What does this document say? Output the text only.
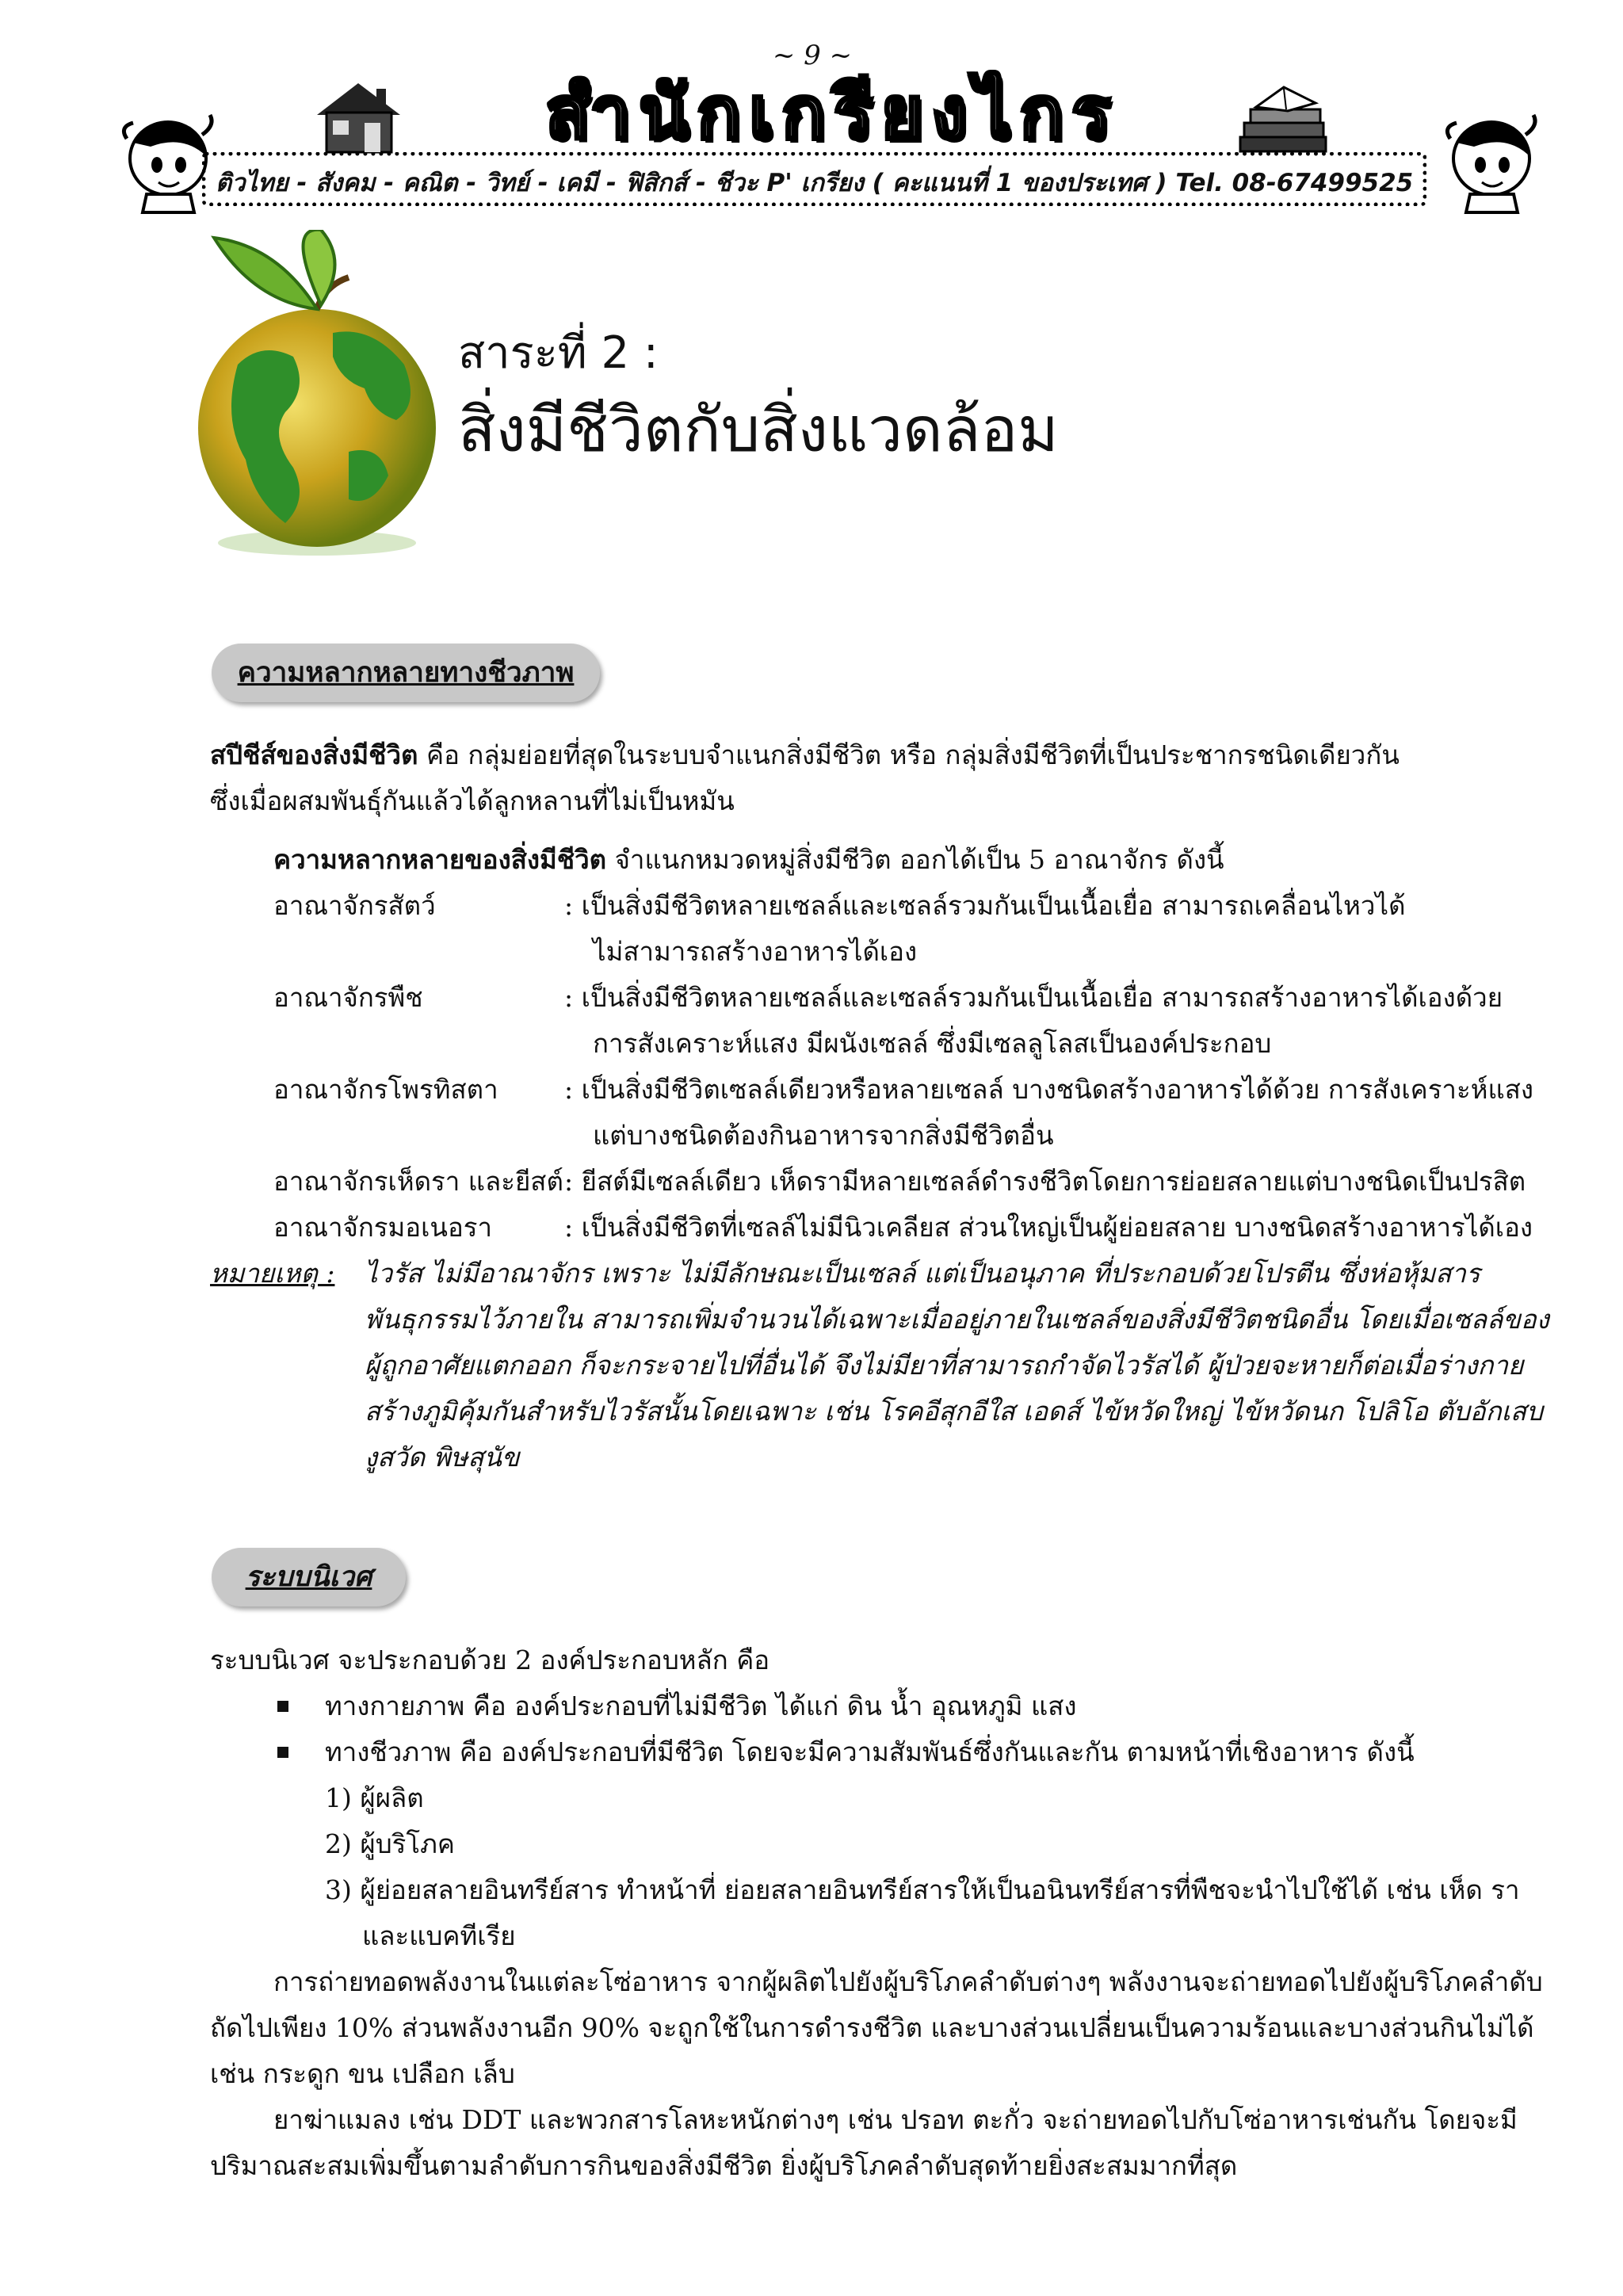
~ 9 ~
สำนักเกรียงไกร
ติวไทย - สังคม - คณิต - วิทย์ - เคมี - ฟิสิกส์ - ชีวะ P' เกรียง ( คะแนนที่ 1 ของประเทศ ) Tel. 08-67499525
สาระที่ 2 :
สิ่งมีชีวิตกับสิ่งแวดล้อม
ความหลากหลายทางชีวภาพ
สปีชีส์ของสิ่งมีชีวิต คือ กลุ่มย่อยที่สุดในระบบจำแนกสิ่งมีชีวิต หรือ กลุ่มสิ่งมีชีวิตที่เป็นประชากรชนิดเดียวกัน
ซึ่งเมื่อผสมพันธุ์กันแล้วได้ลูกหลานที่ไม่เป็นหมัน
ความหลากหลายของสิ่งมีชีวิต จำแนกหมวดหมู่สิ่งมีชีวิต ออกได้เป็น 5 อาณาจักร ดังนี้
อาณาจักรสัตว์	: เป็นสิ่งมีชีวิตหลายเซลล์และเซลล์รวมกันเป็นเนื้อเยื่อ สามารถเคลื่อนไหวได้
ไม่สามารถสร้างอาหารได้เอง
อาณาจักรพืช	: เป็นสิ่งมีชีวิตหลายเซลล์และเซลล์รวมกันเป็นเนื้อเยื่อ สามารถสร้างอาหารได้เองด้วย
การสังเคราะห์แสง มีผนังเซลล์ ซึ่งมีเซลลูโลสเป็นองค์ประกอบ
อาณาจักรโพรทิสตา	: เป็นสิ่งมีชีวิตเซลล์เดียวหรือหลายเซลล์ บางชนิดสร้างอาหารได้ด้วย การสังเคราะห์แสง
แต่บางชนิดต้องกินอาหารจากสิ่งมีชีวิตอื่น
อาณาจักรเห็ดรา และยีสต์ : ยีสต์มีเซลล์เดียว เห็ดรามีหลายเซลล์ดำรงชีวิตโดยการย่อยสลายแต่บางชนิดเป็นปรสิต
อาณาจักรมอเนอรา	: เป็นสิ่งมีชีวิตที่เซลล์ไม่มีนิวเคลียส ส่วนใหญ่เป็นผู้ย่อยสลาย บางชนิดสร้างอาหารได้เอง
หมายเหตุ : ไวรัส ไม่มีอาณาจักร เพราะ ไม่มีลักษณะเป็นเซลล์ แต่เป็นอนุภาค ที่ประกอบด้วยโปรตีน ซึ่งห่อหุ้มสาร
พันธุกรรมไว้ภายใน สามารถเพิ่มจำนวนได้เฉพาะเมื่ออยู่ภายในเซลล์ของสิ่งมีชีวิตชนิดอื่น โดยเมื่อเซลล์ของ
ผู้ถูกอาศัยแตกออก ก็จะกระจายไปที่อื่นได้ จึงไม่มียาที่สามารถกำจัดไวรัสได้ ผู้ป่วยจะหายก็ต่อเมื่อร่างกาย
สร้างภูมิคุ้มกันสำหรับไวรัสนั้นโดยเฉพาะ เช่น โรคอีสุกอีใส เอดส์ ไข้หวัดใหญ่ ไข้หวัดนก โปลิโอ ตับอักเสบ
งูสวัด พิษสุนัข
ระบบนิเวศ
ระบบนิเวศ จะประกอบด้วย 2 องค์ประกอบหลัก คือ
ทางกายภาพ คือ องค์ประกอบที่ไม่มีชีวิต ได้แก่ ดิน น้ำ อุณหภูมิ แสง
ทางชีวภาพ คือ องค์ประกอบที่มีชีวิต โดยจะมีความสัมพันธ์ซึ่งกันและกัน ตามหน้าที่เชิงอาหาร ดังนี้
1) ผู้ผลิต
2) ผู้บริโภค
3) ผู้ย่อยสลายอินทรีย์สาร ทำหน้าที่ ย่อยสลายอินทรีย์สารให้เป็นอนินทรีย์สารที่พืชจะนำไปใช้ได้ เช่น เห็ด รา
และแบคทีเรีย
การถ่ายทอดพลังงานในแต่ละโซ่อาหาร จากผู้ผลิตไปยังผู้บริโภคลำดับต่างๆ พลังงานจะถ่ายทอดไปยังผู้บริโภคลำดับ
ถัดไปเพียง 10% ส่วนพลังงานอีก 90% จะถูกใช้ในการดำรงชีวิต และบางส่วนเปลี่ยนเป็นความร้อนและบางส่วนกินไม่ได้
เช่น กระดูก ขน เปลือก เล็บ
ยาฆ่าแมลง เช่น DDT และพวกสารโลหะหนักต่างๆ เช่น ปรอท ตะกั่ว จะถ่ายทอดไปกับโซ่อาหารเช่นกัน โดยจะมี
ปริมาณสะสมเพิ่มขึ้นตามลำดับการกินของสิ่งมีชีวิต ยิ่งผู้บริโภคลำดับสุดท้ายยิ่งสะสมมากที่สุด
